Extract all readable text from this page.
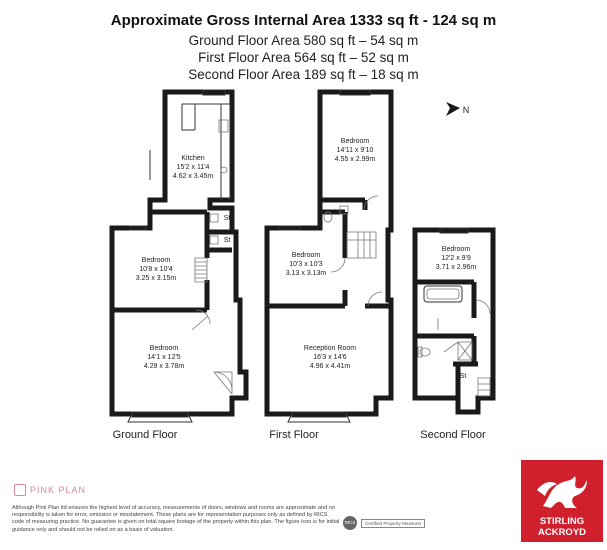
Approximate Gross Internal Area 1333 sq ft - 124 sq m
Ground Floor Area 580 sq ft – 54 sq m
First Floor Area 564 sq ft – 52 sq m
Second Floor Area 189 sq ft – 18 sq m
St
St
Kitchen
15'2 x 11'4
4.62 x 3.45m
Bedroom
10'8 x 10'4
3.25 x 3.15m
Bedroom
14'1 x 12'5
4.29 x 3.78m
Bedroom
14'11 x 9'10
4.55 x 2.99m
Bedroom
10'3 x 10'3
3.13 x 3.13m
Reception Room
16'3 x 14'6
4.96 x 4.41m
St
Bedroom
12'2 x 9'9
3.71 x 2.96m
N
Ground Floor	First Floor	Second Floor
PINK PLAN
Although Pink Plan ltd ensures the highest level of accuracy, measurements of doors, windows and rooms are approximate and no responsibility is taken for error, omission or misstatement. These plans are for representation purposes only as defined by RICS code of measuring practice. No guarantee is given on total square footage of the property within this plan. The figure icon is for initial guidance only and should not be relied on as a basis of valuation.
RICS	Certified Property Measurer	STIRLING
ACKROYD
